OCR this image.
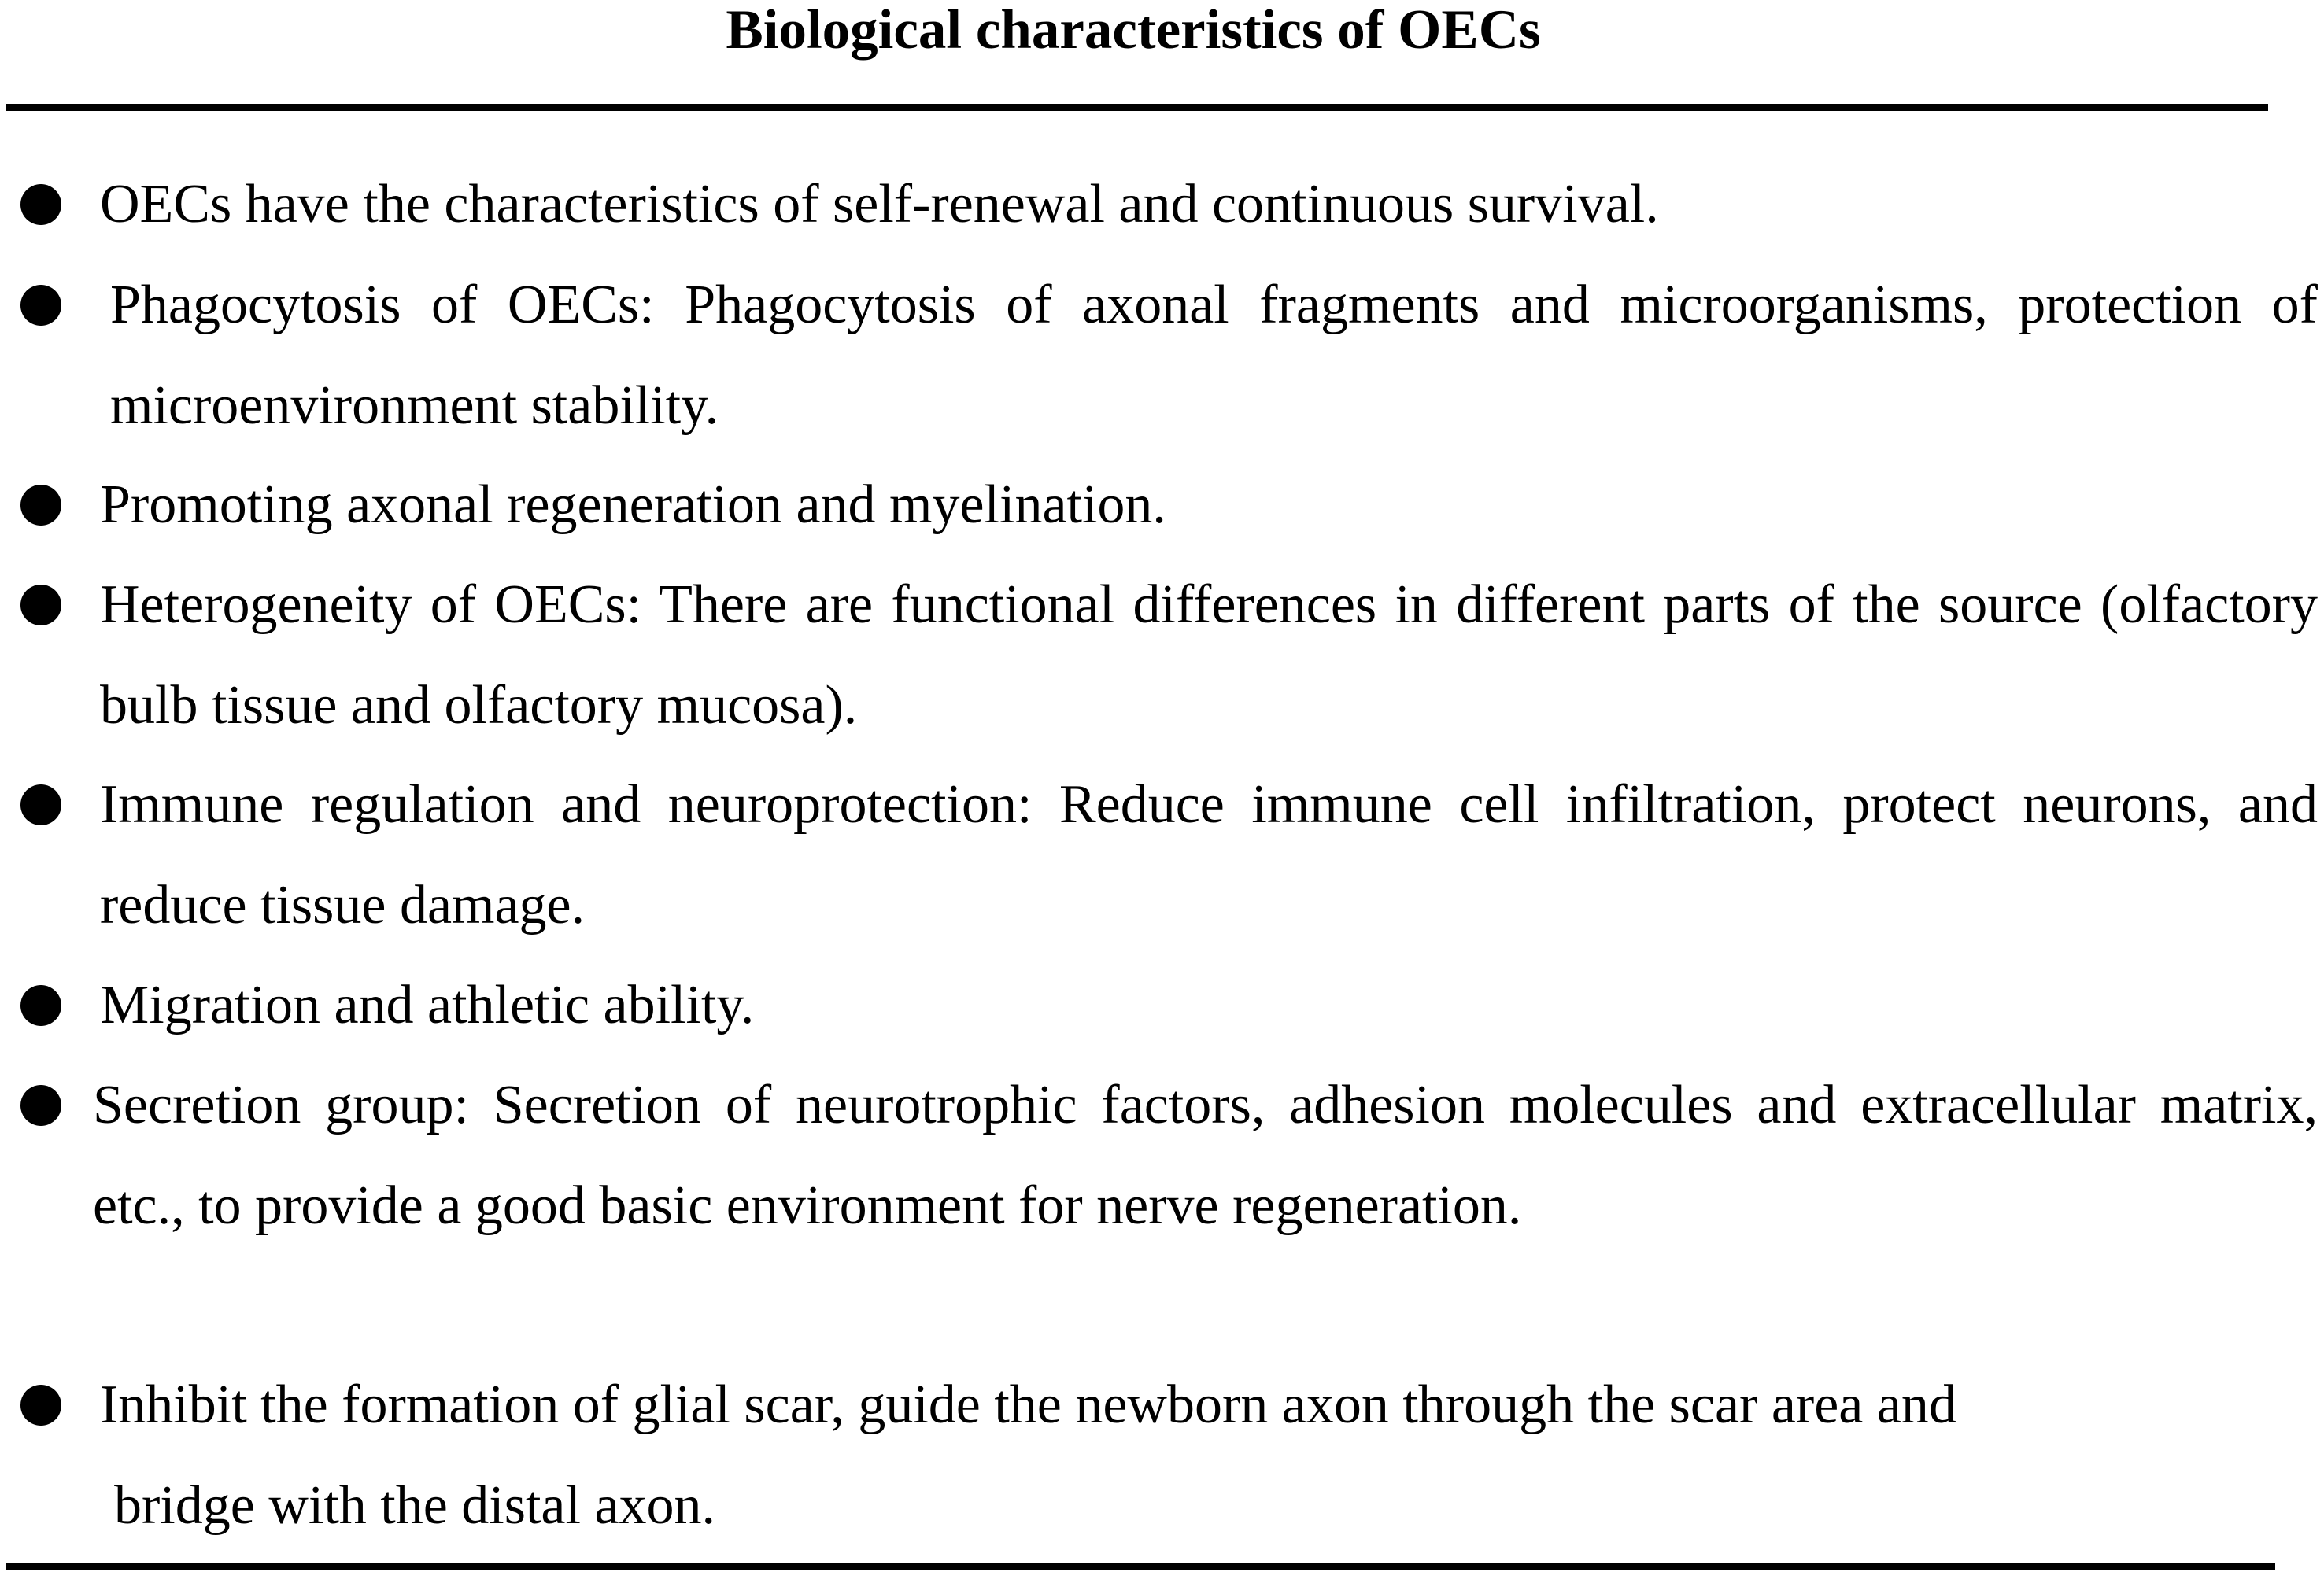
Biological characteristics of OECs
OECs have the characteristics of self-renewal and continuous survival.
Phagocytosis of OECs: Phagocytosis of axonal fragments and microorganisms, protection of microenvironment stability.
Promoting axonal regeneration and myelination.
Heterogeneity of OECs: There are functional differences in different parts of the source (olfactory bulb tissue and olfactory mucosa).
Immune regulation and neuroprotection: Reduce immune cell infiltration, protect neurons, and reduce tissue damage.
Migration and athletic ability.
Secretion group: Secretion of neurotrophic factors, adhesion molecules and extracellular matrix, etc., to provide a good basic environment for nerve regeneration.
Inhibit the formation of glial scar, guide the newborn axon through the scar area and
bridge with the distal axon.
